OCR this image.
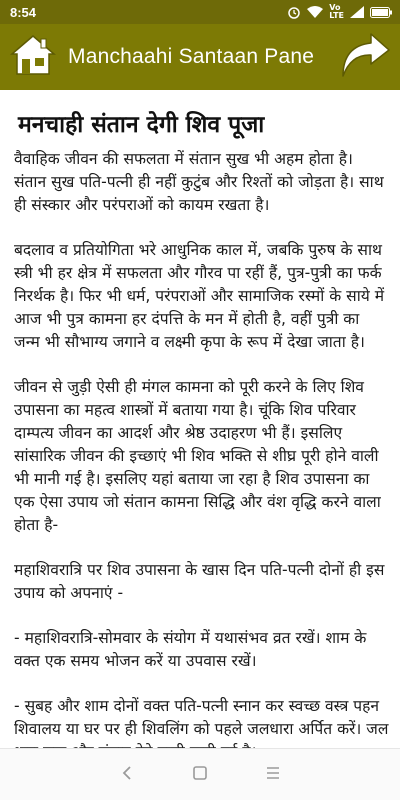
8:54	Vo
LTE
Manchaahi Santaan Pane
मनचाही संतान देगी शिव पूजा

वैवाहिक जीवन की सफलता में संतान सुख भी अहम होता है। संतान सुख पति-पत्नी ही नहीं कुटुंब और रिश्तों को जोड़ता है। साथ ही संस्कार और परंपराओं को कायम रखता है।

बदलाव व प्रतियोगिता भरे आधुनिक काल में, जबकि पुरुष के साथ स्त्री भी हर क्षेत्र में सफलता और गौरव पा रहीं हैं, पुत्र-पुत्री का फर्क निरर्थक है। फिर भी धर्म, परंपराओं और सामाजिक रस्मों के साये में आज भी पुत्र कामना हर दंपत्ति के मन में होती है, वहीं पुत्री का जन्म भी सौभाग्य जगाने व लक्ष्मी कृपा के रूप में देखा जाता है।

जीवन से जुड़ी ऐसी ही मंगल कामना को पूरी करने के लिए शिव उपासना का महत्व शास्त्रों में बताया गया है। चूंकि शिव परिवार दाम्पत्य जीवन का आदर्श और श्रेष्ठ उदाहरण भी हैं। इसलिए सांसारिक जीवन की इच्छाएं भी शिव भक्ति से शीघ्र पूरी होने वाली भी मानी गई है। इसलिए यहां बताया जा रहा है शिव उपासना का एक ऐसा उपाय जो संतान कामना सिद्धि और वंश वृद्धि करने वाला होता है-

महाशिवरात्रि पर शिव उपासना के खास दिन पति-पत्नी दोनों ही इस उपाय को अपनाएं -

- महाशिवरात्रि-सोमवार के संयोग में यथासंभव व्रत रखें। शाम के वक्त एक समय भोजन करें या उपवास रखें।

- सुबह और शाम दोनों वक्त पति-पत्नी स्नान कर स्वच्छ वस्त्र पहन शिवालय या घर पर ही शिवलिंग को पहले जलधारा अर्पित करें। जल
